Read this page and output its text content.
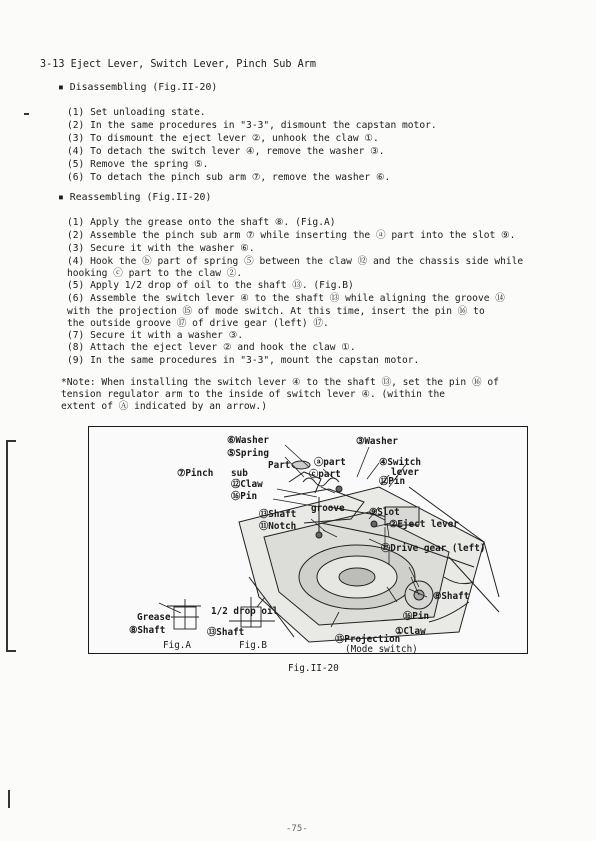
3-13 Eject Lever, Switch Lever, Pinch Sub Arm
▪ Disassembling (Fig.II-20)
(1) Set unloading state.
(2) In the same procedures in "3-3", dismount the capstan motor.
(3) To dismount the eject lever ②, unhook the claw ①.
(4) To detach the switch lever ④, remove the washer ③.
(5) Remove the spring ⑤.
(6) To detach the pinch sub arm ⑦, remove the washer ⑥.
▪ Reassembling (Fig.II-20)
(1) Apply the grease onto the shaft ⑧. (Fig.A)
(2) Assemble the pinch sub arm ⑦ while inserting the ⓐ part into the slot ⑨.
(3) Secure it with the washer ⑥.
(4) Hook the ⓑ part of spring ⑤ between the claw ⑫ and the chassis side while
hooking ⓒ part to the claw ②.
(5) Apply 1/2 drop of oil to the shaft ⑬. (Fig.B)
(6) Assemble the switch lever ④ to the shaft ⑬ while aligning the groove ⑭
with the projection ⑮ of mode switch. At this time, insert the pin ⑯ to
the outside groove ⑰ of drive gear (left) ⑰.
(7) Secure it with a washer ③.
(8) Attach the eject lever ② and hook the claw ①.
(9) In the same procedures in "3-3", mount the capstan motor.
*Note: When installing the switch lever ④ to the shaft ⑬, set the pin ⑯ of
tension regulator arm to the inside of switch lever ④. (within the
extent of Ⓐ indicated by an arrow.)
⑥Washer	③Washer
⑤Spring
Part
⑦Pinch sub
ⓐpart	④Switch
lever
ⓒpart
⑫Claw	⑫Pin
⑯Pin
groove
⑬Shaft	⑨Slot
⑪Notch	②Eject lever
⑰Drive gear (left)
⑧Shaft
⑯Pin
①Claw
⑮Projection
(Mode switch)
Grease
⑧Shaft
1/2 drop oil
⑬Shaft
Fig.A	Fig.B
Fig.II-20
-75-
